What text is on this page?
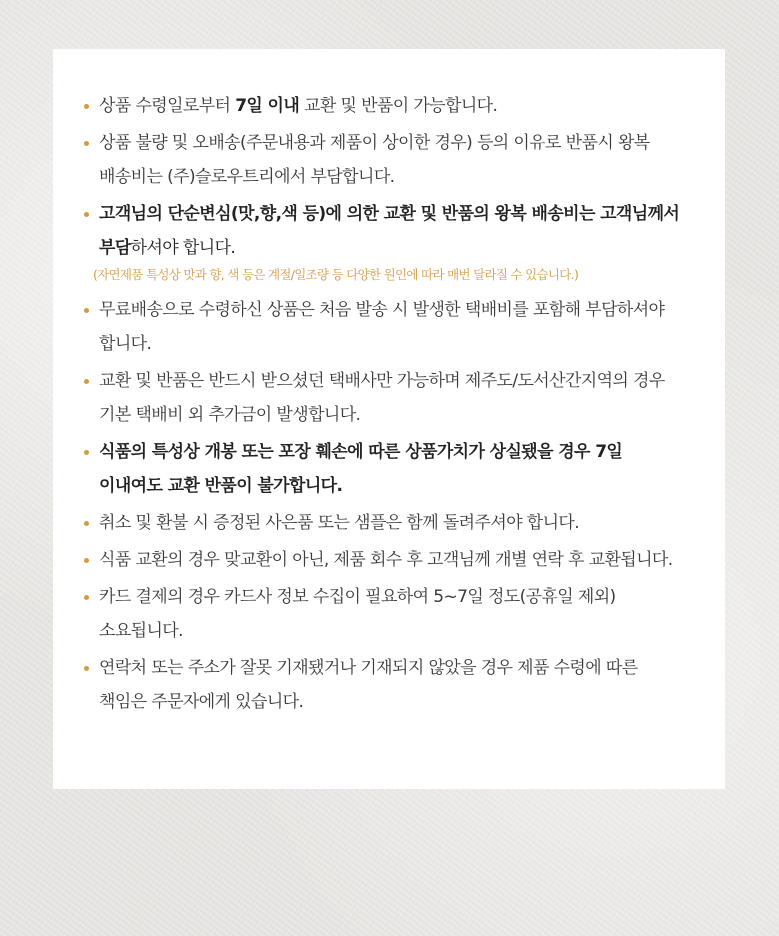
상품 수령일로부터 7일 이내 교환 및 반품이 가능합니다.
상품 불량 및 오배송(주문내용과 제품이 상이한 경우) 등의 이유로 반품시 왕복 배송비는 (주)슬로우트리에서 부담합니다.
고객님의 단순변심(맛,향,색 등)에 의한 교환 및 반품의 왕복 배송비는 고객님께서 부담하셔야 합니다.
(자연제품 특성상 맛과 향, 색 등은 계절/일조량 등 다양한 원인에 따라 매번 달라질 수 있습니다.)
무료배송으로 수령하신 상품은 처음 발송 시 발생한 택배비를 포함해 부담하셔야 합니다.
교환 및 반품은 반드시 받으셨던 택배사만 가능하며 제주도/도서산간지역의 경우 기본 택배비 외 추가금이 발생합니다.
식품의 특성상 개봉 또는 포장 훼손에 따른 상품가치가 상실됐을 경우 7일 이내여도 교환 반품이 불가합니다.
취소 및 환불 시 증정된 사은품 또는 샘플은 함께 돌려주셔야 합니다.
식품 교환의 경우 맞교환이 아닌, 제품 회수 후 고객님께 개별 연락 후 교환됩니다.
카드 결제의 경우 카드사 정보 수집이 필요하여 5~7일 정도(공휴일 제외) 소요됩니다.
연락처 또는 주소가 잘못 기재됐거나 기재되지 않았을 경우 제품 수령에 따른 책임은 주문자에게 있습니다.
